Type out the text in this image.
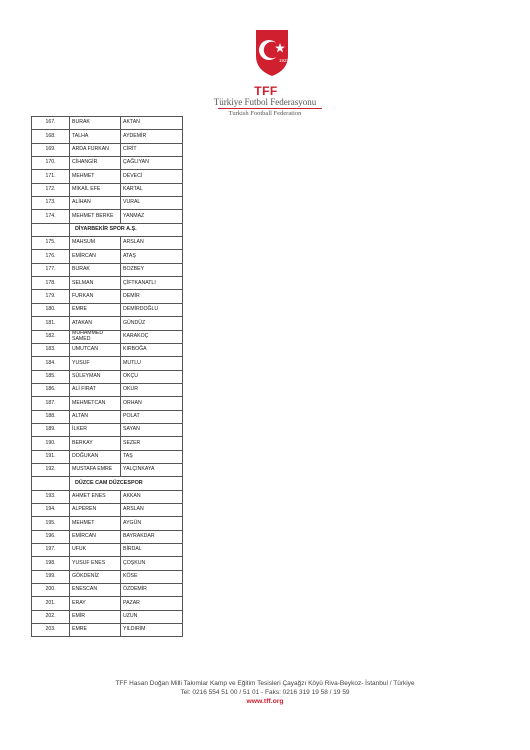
1923
TFF
Türkiye Futbol Federasyonu
Turkish Football Federation
167.	BURAK	AKTAN
168.	TALHA	AYDEMİR
169.	ARDA FURKAN	CİRİT
170.	CİHANGİR	ÇAĞLIYAN
171.	MEHMET	DEVECİ
172.	MİKAİL EFE	KARTAL
173.	ALİHAN	VURAL
174.	MEHMET BERKE	YANMAZ
	DİYARBEKİR SPOR A.Ş.	
175.	MAHSUM	ARSLAN
176.	EMİRCAN	ATAŞ
177.	BURAK	BOZBEY
178.	SELMAN	ÇİFTKANATLI
179.	FURKAN	DEMİR
180.	EMRE	DEMİRDOĞLU
181.	ATAKAN	GÜNDÜZ
182.	MUHAMMED SAMED	KARAKOÇ
183.	UMUTCAN	KIRBOĞA
184.	YUSUF	MUTLU
185.	SÜLEYMAN	OKÇU
186.	ALİ FIRAT	OKUR
187.	MEHMETCAN	ORHAN
188.	ALTAN	POLAT
189.	İLKER	SAYAN
190.	BERKAY	SEZER
191.	DOĞUKAN	TAŞ
192.	MUSTAFA EMRE	YALÇINKAYA
	DÜZCE CAM DÜZCESPOR	
193.	AHMET ENES	AKKAN
194.	ALPEREN	ARSLAN
195.	MEHMET	AYGÜN
196.	EMİRCAN	BAYRAKDAR
197.	UFUK	BİRDAL
198.	YUSUF ENES	ÇOŞKUN
199.	GÖKDENİZ	KÖSE
200.	ENESCAN	ÖZDEMİR
201.	ERAY	PAZAR
202.	EMİR	UZUN
203.	EMRE	YILDIRIM
TFF Hasan Doğan Milli Takımlar Kamp ve Eğitim Tesisleri Çayağzı Köyü Riva-Beykoz- İstanbul / Türkiye
Tel: 0216 554 51 00 / 51 01 - Faks: 0216 319 19 58 / 19 59
www.tff.org
